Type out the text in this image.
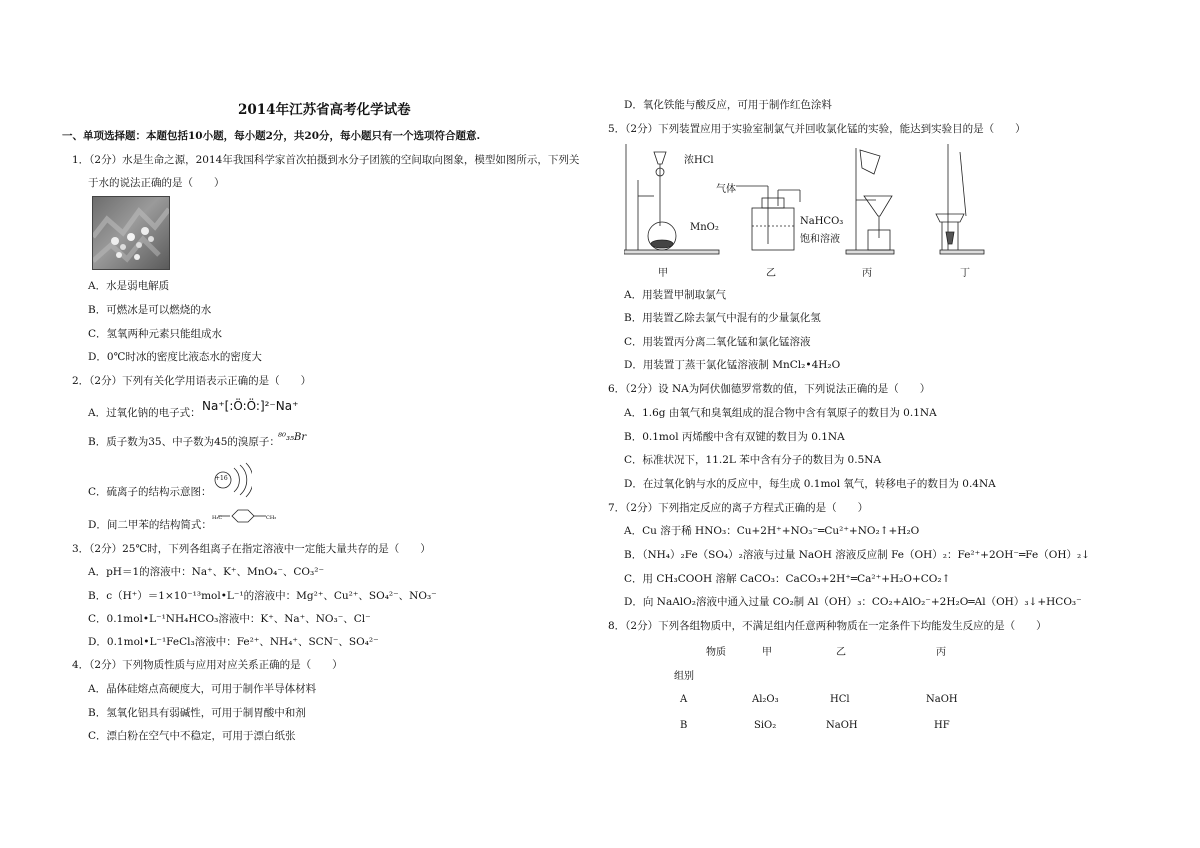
2014年江苏省高考化学试卷
一、单项选择题：本题包括10小题，每小题2分，共20分，每小题只有一个选项符合题意.
1．（2分）水是生命之源，2014年我国科学家首次拍摄到水分子团簇的空间取向图象，模型如图所示，下列关
于水的说法正确的是（　　）
A．水是弱电解质
B．可燃冰是可以燃烧的水
C．氢氧两种元素只能组成水
D．0℃时冰的密度比液态水的密度大
2．（2分）下列有关化学用语表示正确的是（　　）
A．过氧化钠的电子式： Na⁺[:Ö:Ö:]²⁻Na⁺
B．质子数为35、中子数为45的溴原子：
⁸⁰₃₅Br
C．硫离子的结构示意图：
D．间二甲苯的结构简式：
3．（2分）25℃时，下列各组离子在指定溶液中一定能大量共存的是（　　）
A．pH＝1的溶液中：Na⁺、K⁺、MnO₄⁻、CO₃²⁻
B．c（H⁺）＝1×10⁻¹³mol•L⁻¹的溶液中：Mg²⁺、Cu²⁺、SO₄²⁻、NO₃⁻
C．0.1mol•L⁻¹NH₄HCO₃溶液中：K⁺、Na⁺、NO₃⁻、Cl⁻
D．0.1mol•L⁻¹FeCl₃溶液中：Fe²⁺、NH₄⁺、SCN⁻、SO₄²⁻
4．（2分）下列物质性质与应用对应关系正确的是（　　）
A．晶体硅熔点高硬度大，可用于制作半导体材料
B．氢氧化铝具有弱碱性，可用于制胃酸中和剂
C．漂白粉在空气中不稳定，可用于漂白纸张
+16
H₃C	CH₃
D．氧化铁能与酸反应，可用于制作红色涂料
5．（2分）下列装置应用于实验室制氯气并回收氯化锰的实验，能达到实验目的是（　　）
A．用装置甲制取氯气
B．用装置乙除去氯气中混有的少量氯化氢
C．用装置丙分离二氧化锰和氯化锰溶液
D．用装置丁蒸干氯化锰溶液制 MnCl₂•4H₂O
6．（2分）设 NA为阿伏伽德罗常数的值，下列说法正确的是（　　）
A．1.6g 由氧气和臭氧组成的混合物中含有氧原子的数目为 0.1NA
B．0.1mol 丙烯酸中含有双键的数目为 0.1NA
C．标准状况下，11.2L 苯中含有分子的数目为 0.5NA
D．在过氧化钠与水的反应中，每生成 0.1mol 氧气，转移电子的数目为 0.4NA
7．（2分）下列指定反应的离子方程式正确的是（　　）
A．Cu 溶于稀 HNO₃：Cu+2H⁺+NO₃⁻═Cu²⁺+NO₂↑+H₂O
B．（NH₄）₂Fe（SO₄）₂溶液与过量 NaOH 溶液反应制 Fe（OH）₂：Fe²⁺+2OH⁻═Fe（OH）₂↓
C．用 CH₃COOH 溶解 CaCO₃：CaCO₃+2H⁺═Ca²⁺+H₂O+CO₂↑
D．向 NaAlO₂溶液中通入过量 CO₂制 Al（OH）₃：CO₂+AlO₂⁻+2H₂O═Al（OH）₃↓+HCO₃⁻
8．（2分）下列各组物质中，不满足组内任意两种物质在一定条件下均能发生反应的是（　　）
物质	甲	乙	丙
组别
A	Al₂O₃	HCl	NaOH
B	SiO₂	NaOH	HF
浓HCl
MnO₂
气体
NaHCO₃
饱和溶液
甲	乙	丙	丁
